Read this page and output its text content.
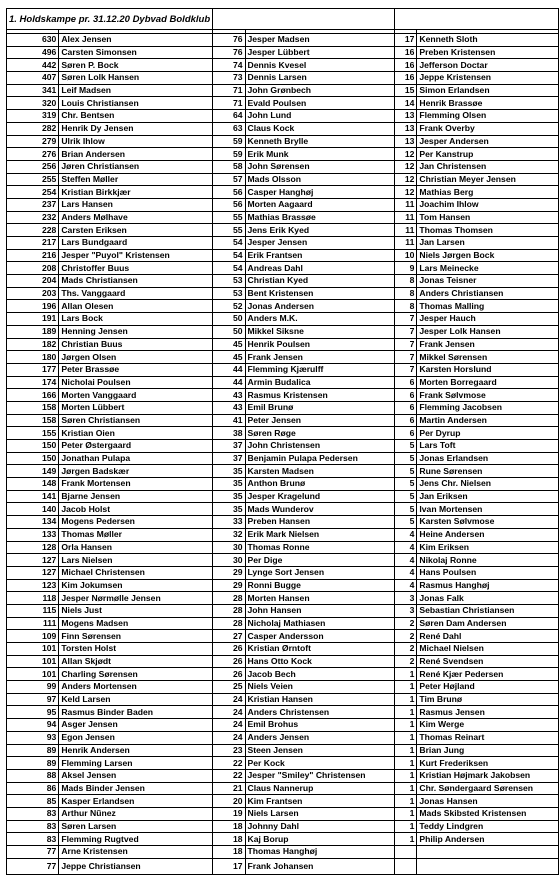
1. Holdskampe pr. 31.12.20 Dybvad Boldklub					

630	Alex Jensen	76	Jesper Madsen	17	Kenneth Sloth
496	Carsten Simonsen	76	Jesper Lübbert	16	Preben Kristensen
442	Søren P. Bock	74	Dennis Kvesel	16	Jefferson Doctar
407	Søren Lolk Hansen	73	Dennis Larsen	16	Jeppe Kristensen
341	Leif Madsen	71	John Grønbech	15	Simon Erlandsen
320	Louis Christiansen	71	Evald Poulsen	14	Henrik Brassøe
319	Chr. Bentsen	64	John Lund	13	Flemming Olsen
282	Henrik Dy Jensen	63	Claus Kock	13	Frank Overby
279	Ulrik Ihlow	59	Kenneth Brylle	13	Jesper Andersen
276	Brian Andersen	59	Erik Munk	12	Per Kanstrup
256	Jøren Christiansen	58	John Sørensen	12	Jan Christensen
255	Steffen Møller	57	Mads Olsson	12	Christian Meyer Jensen
254	Kristian Birkkjær	56	Casper Hanghøj	12	Mathias Berg
237	Lars Hansen	56	Morten Aagaard	11	Joachim Ihlow
232	Anders Mølhave	55	Mathias Brassøe	11	Tom Hansen
228	Carsten Eriksen	55	Jens Erik Kyed	11	Thomas Thomsen
217	Lars Bundgaard	54	Jesper Jensen	11	Jan Larsen
216	Jesper "Puyol" Kristensen	54	Erik Frantsen	10	Niels Jørgen Bock
208	Christoffer Buus	54	Andreas Dahl	9	Lars Meinecke
204	Mads Christiansen	53	Christian Kyed	8	Jonas Teisner
203	Ths. Vanggaard	53	Bent Kristensen	8	Anders Christiansen
196	Allan Olesen	52	Jonas Andersen	8	Thomas Malling
191	Lars Bock	50	Anders M.K.	7	Jesper Hauch
189	Henning Jensen	50	Mikkel Siksne	7	Jesper Lolk Hansen
182	Christian Buus	45	Henrik Poulsen	7	Frank Jensen
180	Jørgen Olsen	45	Frank Jensen	7	Mikkel Sørensen
177	Peter Brassøe	44	Flemming Kjærulff	7	Karsten Horslund
174	Nicholai Poulsen	44	Armin Budalica	6	Morten Borregaard
166	Morten Vanggaard	43	Rasmus Kristensen	6	Frank Sølvmose
158	Morten Lübbert	43	Emil Brunø	6	Flemming Jacobsen
158	Søren Christiansen	41	Peter Jensen	6	Martin Andersen
155	Kristian Oien	38	Søren Røge	6	Per Dyrup
150	Peter Østergaard	37	John Christensen	5	Lars Toft
150	Jonathan Pulapa	37	Benjamin Pulapa Pedersen	5	Jonas Erlandsen
149	Jørgen Badskær	35	Karsten Madsen	5	Rune Sørensen
148	Frank Mortensen	35	Anthon Brunø	5	Jens Chr. Nielsen
141	Bjarne Jensen	35	Jesper Kragelund	5	Jan Eriksen
140	Jacob Holst	35	Mads Wunderov	5	Ivan Mortensen
134	Mogens Pedersen	33	Preben Hansen	5	Karsten Sølvmose
133	Thomas Møller	32	Erik Mark Nielsen	4	Heine Andersen
128	Orla Hansen	30	Thomas Ronne	4	Kim Eriksen
127	Lars Nielsen	30	Per Dige	4	Nikolaj Ronne
127	Michael Christensen	29	Lynge Sort Jensen	4	Hans Poulsen
123	Kim Jokumsen	29	Ronni Bugge	4	Rasmus Hanghøj
118	Jesper Nørmølle Jensen	28	Morten Hansen	3	Jonas Falk
115	Niels Just	28	John Hansen	3	Sebastian Christiansen
111	Mogens Madsen	28	Nicholaj Mathiasen	2	Søren Dam Andersen
109	Finn Sørensen	27	Casper Andersson	2	René Dahl
101	Torsten Holst	26	Kristian Ørntoft	2	Michael Nielsen
101	Allan Skjødt	26	Hans Otto Kock	2	René Svendsen
101	Charling Sørensen	26	Jacob Bech	1	René Kjær Pedersen
99	Anders Mortensen	25	Niels Veien	1	Peter Højland
97	Keld Larsen	24	Kristian Hansen	1	Tim Brunø
95	Rasmus Binder Baden	24	Anders Christensen	1	Rasmus Jensen
94	Asger Jensen	24	Emil Brohus	1	Kim Werge
93	Egon Jensen	24	Anders Jensen	1	Thomas Reinart
89	Henrik Andersen	23	Steen Jensen	1	Brian Jung
89	Flemming Larsen	22	Per Kock	1	Kurt Frederiksen
88	Aksel Jensen	22	Jesper "Smiley" Christensen	1	Kristian Højmark Jakobsen
86	Mads Binder Jensen	21	Claus Nannerup	1	Chr. Søndergaard Sørensen
85	Kasper Erlandsen	20	Kim Frantsen	1	Jonas Hansen
83	Arthur Nũnez	19	Niels Larsen	1	Mads Skibsted Kristensen
83	Søren Larsen	18	Johnny Dahl	1	Teddy Lindgren
83	Flemming Rugtved	18	Kaj Borup	1	Philip Andersen
77	Arne Kristensen	18	Thomas Hanghøj		
77	Jeppe Christiansen	17	Frank Johansen		
